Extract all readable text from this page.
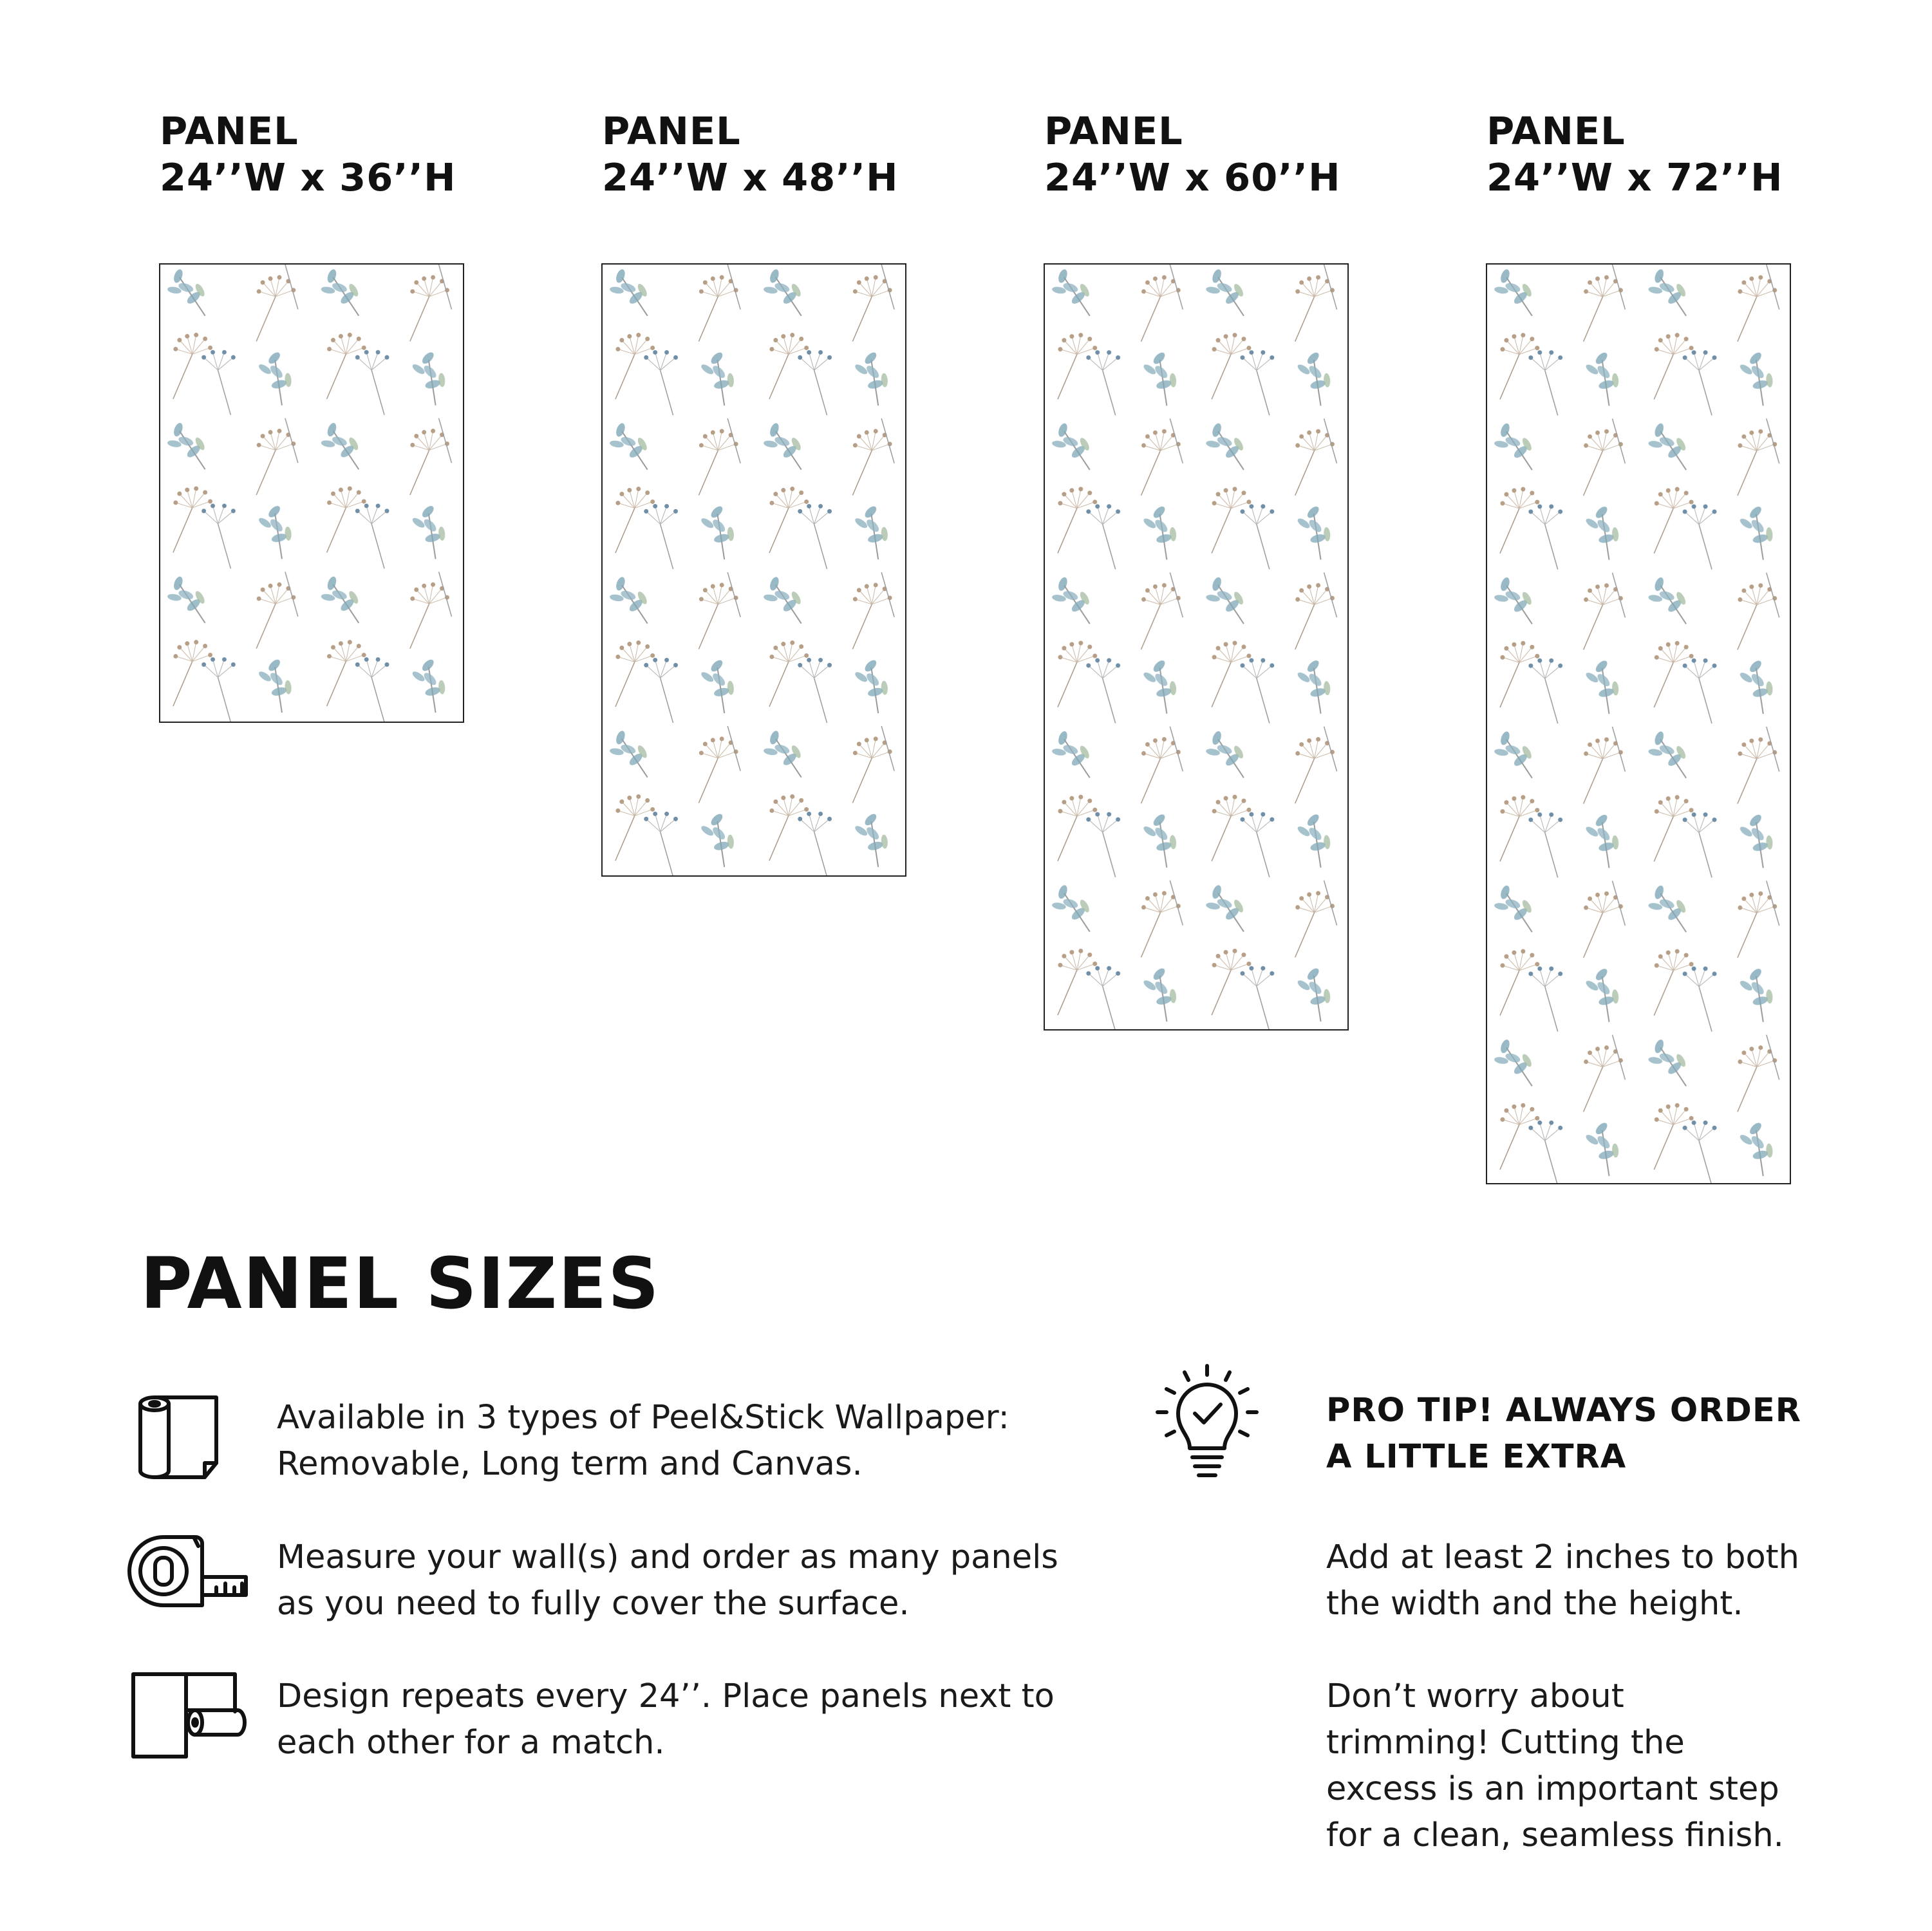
PANEL
24’’W x 36’’H
PANEL
24’’W x 48’’H
PANEL
24’’W x 60’’H
PANEL
24’’W x 72’’H
PANEL SIZES
Available in 3 types of Peel&Stick Wallpaper:
Removable, Long term and Canvas.
Measure your wall(s) and order as many panels
as you need to fully cover the surface.
Design repeats every 24’’. Place panels next to
each other for a match.
PRO TIP! ALWAYS ORDER
A LITTLE EXTRA
Add at least 2 inches to both
the width and the height.
Don’t worry about
trimming! Cutting the
excess is an important step
for a clean, seamless finish.
